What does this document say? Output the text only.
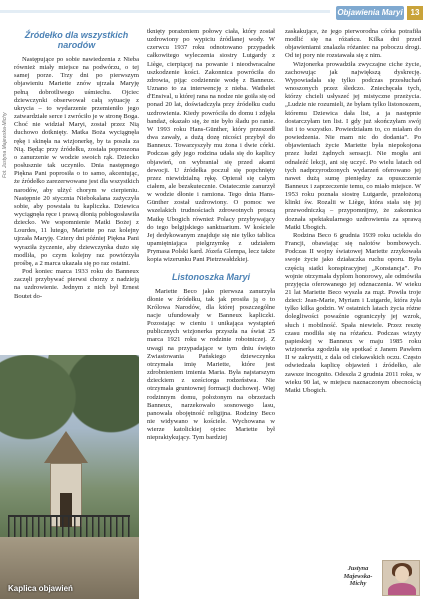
Objawienia Maryi 13
Fot. Justyna Majewska-Michy
Źródełko dla wszystkich narodów

Następujące po sobie nawiedzenia z Nieba również miały miejsce na podwórzu, o tej samej porze. Trzy dni po pierwszym objawieniu Mariette znów ujrzała Maryję pełną dobrotliwego uśmiechu. Ojciec dziewczynki obserwował całą sytuację z ukrycia – to wydarzenie przemieniło jego zatwardziałe serce i zwróciło je w stronę Boga. Choć nie widział Maryi, został przez Nią duchowo dotknięty. Matka Boża wyciągnęła rękę i skinęła na wizjonerkę, by ta poszła za Nią. Będąc przy źródełku, została poproszona o zanurzenie w wodzie swoich rąk. Dziecko posłusznie tak uczyniło. Dnia następnego Piękna Pani poprosiła o to samo, akcentując, że źródełko zarezerwowane jest dla wszystkich narodów, aby ulżyć chorym w cierpieniu. Następnie 20 stycznia Niebokalana zażyczyła sobie, aby powstała tu kapliczka. Dziewica wyciągnęła ręce i prawą dłonią pobłogosławiła dziecko. We wspomnienie Matki Bożej z Lourdes, 11 lutego, Mariette po raz kolejny ujrzała Maryję. Cztery dni później Piękna Pani wyraziła życzenie, aby dziewczynka dużo się modliła, po czym kolejny raz powtórzyła prośbę, a 2 marca ukazała się po raz ostatni.

Pod koniec marca 1933 roku do Banneux zaczęli przybywać pierwsi chorzy z nadzieją na uzdrowienie. Jednym z nich był Ernest Boutet do-

Kaplica objawień

tknięty porażeniem połowy ciała, który został uzdrowiony po wypiciu źródlanej wody. W czerwcu 1937 roku odnotowano przypadek całkowitego wyleczenia siostry Lutgardy z Liège, cierpiącej na powanie i nieodwracalne uszkodzenie kości. Zakonnica powróciła do zdrowia, pijąc codziennie wodę z Banneux. Uznano to za interwencję z nieba. Wathelet d'Ensival, u której rana na nodze nie goiła się od ponad 20 lat, doświadczyła przy źródełku cudu uzdrowienia. Kiedy powróciła do domu i zdjęła bandaż, okazało się, że nie było śladu po ranie. W 1993 roku Hans-Günther, który przeszedł dwa zawały, a dużą dozę nicości przybył do Banneux. Towarzyszyły mu żona i dwie córki. Podczas gdy jego rodzina udała się do kaplicy objawień, on wybraniał się przed akami dewocji. U źródełka poczuł się popchnięty przez niewidzialną rękę. Opierał się całym ciałem, ale bezskutecznie. Ostatecznie zanurzył w wodzie dłonie i ramiona. Tego dnia Hans-Günther został uzdrowiony. O pomoc we wszelakich trudnościach zdrowotnych proszą Matkę Ubogich również Polacy przybywający do tego belgijskiego sanktuarium. W kościele Jej dedykowanym znajduje się nie tylko tablica upamiętniająca pielgrzymkę z udziałem Prymasa Polski kard. Józefa Glempa, lecz także kopia wizerunku Pani Pietrzwałdzkiej.

Listonoszka Maryi

Mariette Beco jako pierwsza zanurzyła dłonie w źródełku, tak jak prosiła ją o to Królowa Narodów, dla której poszczególne nacje ufundowały w Banneux kapliczki. Pozostając w cieniu i unikająca wystąpień publicznych wizjonerka przyszła na świat 25 marca 1921 roku w rodzinie robotniczej. Z uwagi na przypadające w tym dniu święto Zwiastowania Pańskiego dziewczynka otrzymała imię Mariette, które jest zdrobnieniem imienia Maria. Była najstarszym dzieckiem z sześciorga rodzeństwa. Nie otrzymała gruntownej formacji duchowej. Więj rodzinnym domu, położonym na obrzeżach Banneux, narzekowało sosnowego lasu, panowała obojętność religijna. Rodziny Beco nie widywano w kościele. Wychowana w wierze katolickiej ojciec Mariette był niepraktykujący. Tym bardziej

zaskakujące, że jego pierworodna córka potrafiła modlić się na różańcu. Kilka dni przed objawieniami znalazła różaniec na poboczu drogi. Od tej pory nie rozstawała się z nim.

Wizjonerka prowadziła zwyczajne ciche życie, zachowując jak największą dyskrecję. Wypowiadała się tylko podczas przesłuchań wnoszonych przez śledczo. Zniechęcała tych, którzy chcieli usłyszeć jej mistyczne przeżycia. „Ludzie nie rozumieli, że byłam tylko listonoszem, któremu Dziewica dała list, a ja następnie dostarczyłam ten list. I gdy już skończyłam swój list i to wszystko. Powiedziałam to, co miałam do powiedzenia. Nie mam nic do dodania”. Po objawieniach życie Mariette była niepokojona przez ludzi żądnych sensacji. Nie mogła ani odnaleźć lekcji, ani się uczyć. Po wielu latach od tych nadprzyrodzonych wydarzeń oferowano jej nawet dużą sumę pieniędzy za opuszczenie Banneux i zaprzeczenie temu, co miało miejsce. W 1953 roku poznała siostrę Lutgarde, przełożoną klinki św. Rozalii w Liège, która stała się jej przewodniczką – przypomnijmy, że zakonnica doznała spektakularnego uzdrowienia za sprawą Matki Ubogich.

Rodzina Beco 6 grudnia 1939 roku uciekła do Francji, obawiając się nalotów bombowych. Podczas II wojny światowej Mariette zrzykowała swoje życie jako działaczka ruchu oporu. Była częścią siatki konspiracyjnej „Konstancja”. Po wojnie otrzymała dyplom honorowy, ale odmówiła przyjęcia oferowanego jej odznaczenia. W wieku 21 lat Mariette Beco wyszła za mąż. Powiła troje dzieci: Jean-Marie, Myriam i Lutgarde, która żyła tylko kilka godzin. W ostatnich latach życia różne dolegliwości powaźnie ograniczyły jej wzrok, słuch i mobilność. Spała niewiele. Przez resztę czasu modliła się na różańcu. Podczas wizyty papieskiej w Banneux w maju 1985 roku wizjonerka zgodziła się spotkać z Janem Pawłem II w zakrystii, z dala od ciekawskich oczu. Często odwiedzała kaplicę objawień i źródełko, ale zawsze incognito. Odeszła 2 grudnia 2011 roku, w wieku 90 lat, w miejscu naznaczonym obecnością Matki Ubogich.

Justyna
Majewska-Michy
